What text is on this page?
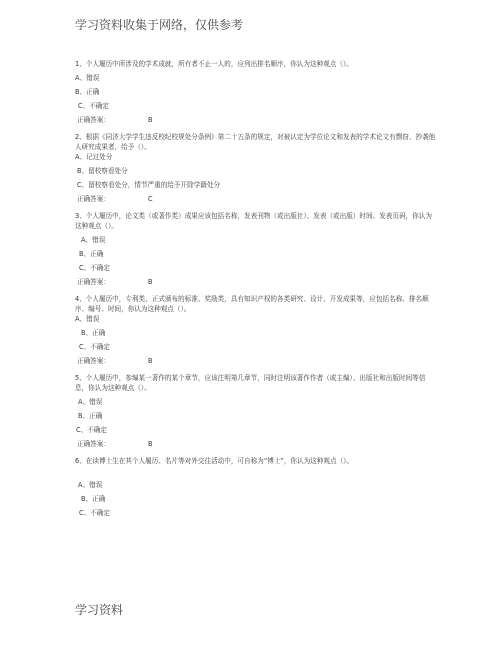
学习资料收集于网络，仅供参考

1、个人履历中所涉及的学术成就，所有者不止一人的，应列出排名顺序，你认为这种观点（）。

A、错误

B、正确

C、不确定

正确答案：	B

2、根据《同济大学学生违反校纪校规处分条例》第二十五条的规定，对被认定为学位论文和发表的学术论文有剽窃、抄袭他人研究成果者，给予（）。

A、记过处分

B、留校察看处分

C、留校察看处分，情节严重的给予开除学籍处分

正确答案：	C

3、个人履历中，论文类（或著作类）成果应该包括名称，发表刊物（或出版社）、发表（或出版）时间、发表页码，你认为这种观点（）。

A、错误

B、正确

C、不确定

正确答案：	B

4、个人履历中，专利类、正式颁布的标准、奖励类，具有知识产权的各类研究、设计、开发成果等，应包括名称、排名顺序、编号、时间，你认为这种观点（）。

A、错误

B、正确

C、不确定

正确答案：	B

5、个人履历中，参编某一著作的某个章节，应该注明第几章节，同时注明该著作作者（或主编）、出版社和出版时间等信息，你认为这种观点（）。

A、错误

B、正确

C、不确定

正确答案：	B

6、在读博士生在其个人履历、名片等对外交往活动中，可自称为“博士”，你认为这种观点（）。

A、错误

B、正确

C、不确定

学习资料
